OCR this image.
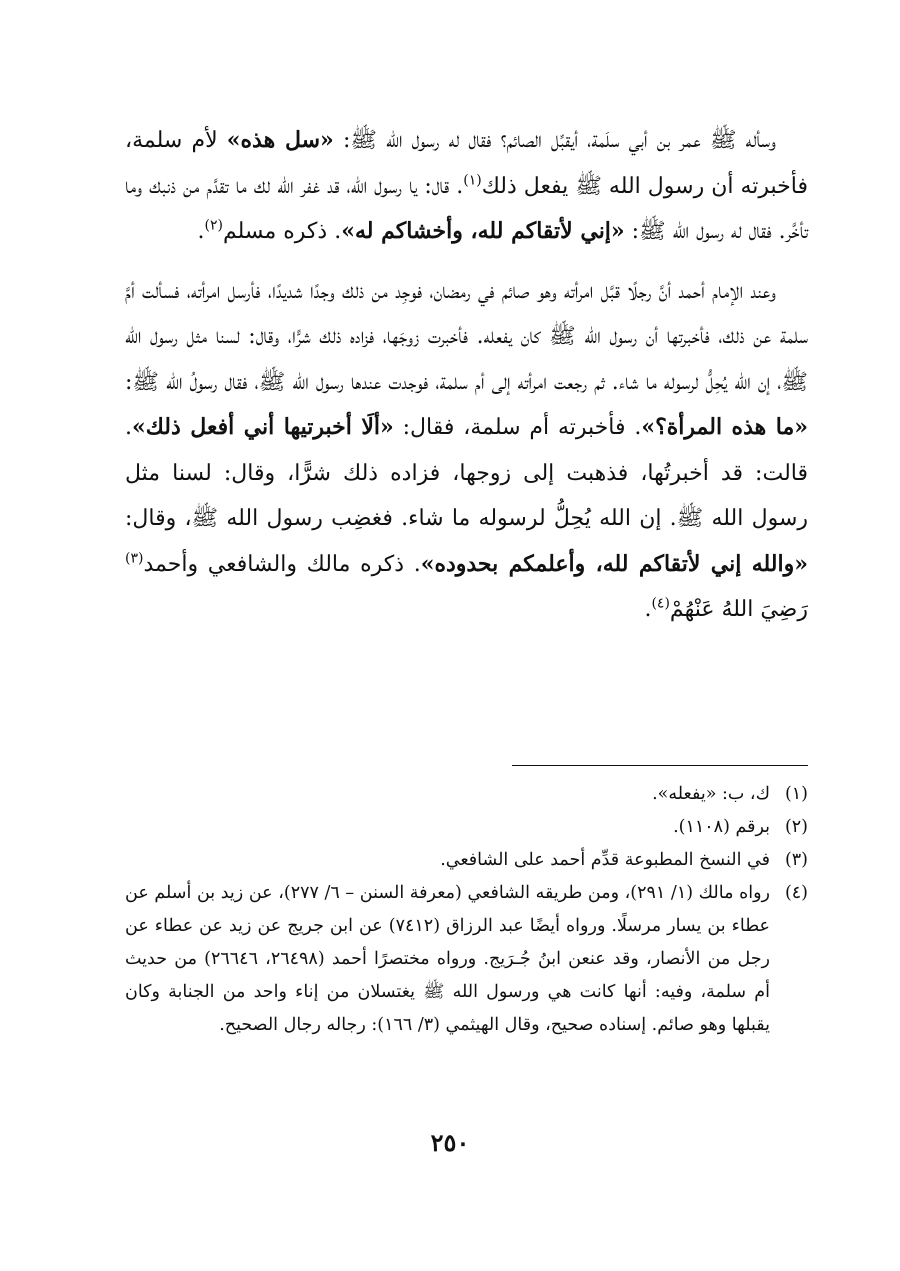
وسأله ﷺ عمر بن أبي سلَمة، أيقبِّل الصائم؟ فقال له رسول الله ﷺ: «سل هذه» لأم سلمة، فأخبرته أن رسول الله ﷺ يفعل ذلك$^{(١)}$. قال: يا رسول الله، قد غفر الله لك ما تقدَّم من ذنبك وما تأخَّر. فقال له رسول الله ﷺ: «إني لأتقاكم لله، وأخشاكم له». ذكره مسلم$^{(٢)}$.

وعند الإمام أحمد أنَّ رجلًا قبَّل امرأته وهو صائم في رمضان، فوجِد من ذلك وجدًا شديدًا، فأرسل امرأته، فسألت أمَّ سلمة عن ذلك، فأخبرتها أن رسول الله ﷺ كان يفعله. فأخبرت زوجَها، فزاده ذلك شرًّا، وقال: لسنا مثل رسول الله ﷺ، إن الله يُحِلُّ لرسوله ما شاء. ثم رجعت امرأته إلى أم سلمة، فوجدت عندها رسول الله ﷺ، فقال رسولُ الله ﷺ: «ما هذه المرأة؟». فأخبرته أم سلمة، فقال: «ألَا أخبرتيها أني أفعل ذلك». قالت: قد أخبرتُها، فذهبت إلى زوجها، فزاده ذلك شرًّا، وقال: لسنا مثل رسول الله ﷺ. إن الله يُحِلُّ لرسوله ما شاء. فغضِب رسول الله ﷺ، وقال: «والله إني لأتقاكم لله، وأعلمكم بحدوده». ذكره مالك والشافعي وأحمد$^{(٣)}$ رَضِيَ اللهُ عَنْهُمْ$^{(٤)}$.

(١)
ك، ب: «يفعله».
(٢)
برقم (١١٠٨).
(٣)
في النسخ المطبوعة قدِّم أحمد على الشافعي.
(٤)
رواه مالك (١/ ٢٩١)، ومن طريقه الشافعي (معرفة السنن – ٦/ ٢٧٧)، عن زيد بن أسلم عن عطاء بن يسار مرسلًا. ورواه أيضًا عبد الرزاق (٧٤١٢) عن ابن جريج عن زيد عن عطاء عن رجل من الأنصار، وقد عنعن ابنُ جُـرَيج. ورواه مختصرًا أحمد (٢٦٤٩٨، ٢٦٦٤٦) من حديث أم سلمة، وفيه: أنها كانت هي ورسول الله ﷺ يغتسلان من إناء واحد من الجنابة وكان يقبلها وهو صائم. إسناده صحيح، وقال الهيثمي (٣/ ١٦٦): رجاله رجال الصحيح.
٢٥٠
